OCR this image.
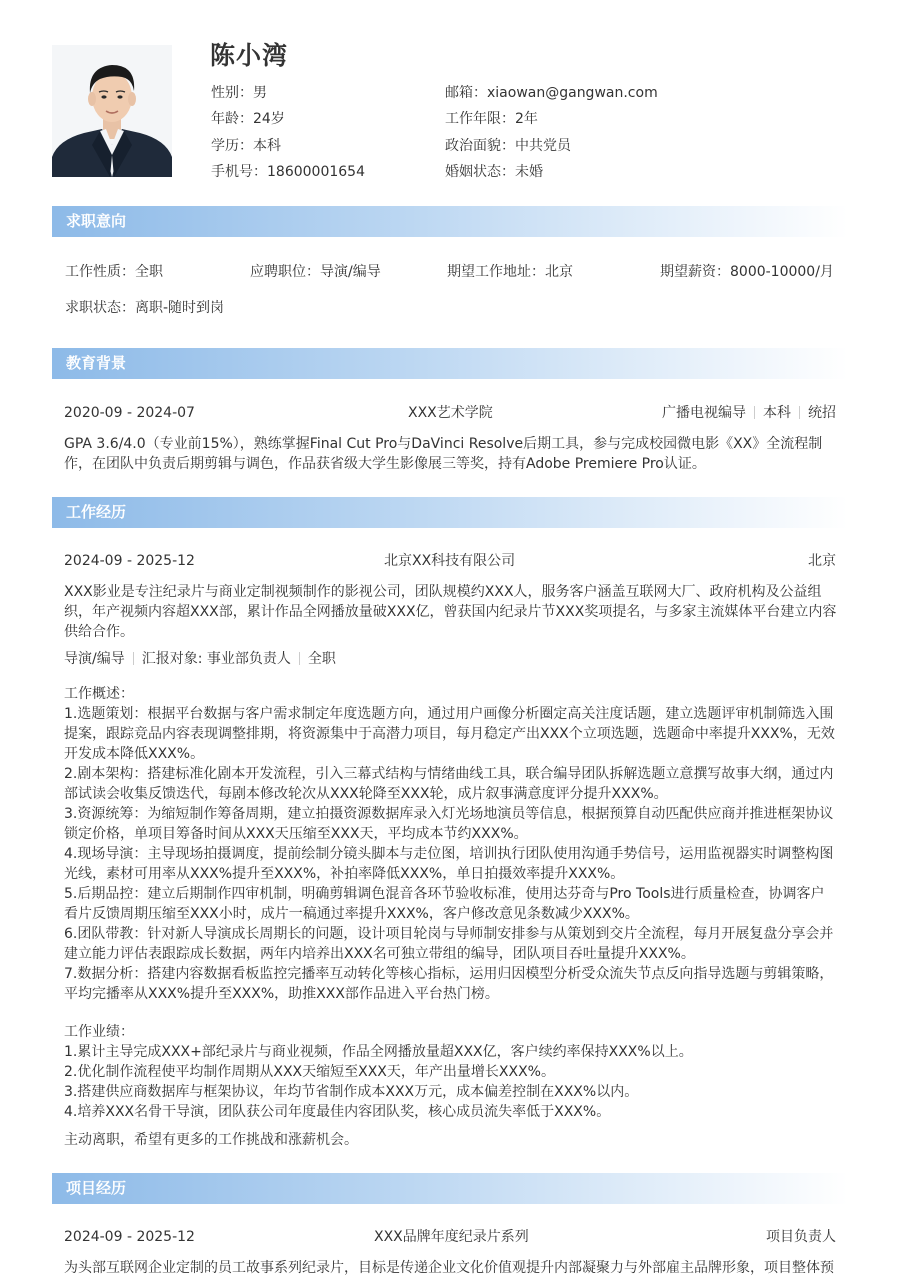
陈小湾
性别：男
年龄：24岁
学历：本科
手机号：18600001654
邮箱：xiaowan@gangwan.com
工作年限：2年
政治面貌：中共党员
婚姻状态：未婚
求职意向
工作性质：全职	应聘职位：导演/编导	期望工作地址：北京	期望薪资：8000-10000/月
求职状态：离职-随时到岗
教育背景
2020-09 - 2024-07	XXX艺术学院	广播电视编导 本科 统招
GPA 3.6/4.0（专业前15%），熟练掌握Final Cut Pro与DaVinci Resolve后期工具，参与完成校园微电影《XX》全流程制
作，在团队中负责后期剪辑与调色，作品获省级大学生影像展三等奖，持有Adobe Premiere Pro认证。
工作经历
2024-09 - 2025-12	北京XX科技有限公司	北京
XXX影业是专注纪录片与商业定制视频制作的影视公司，团队规模约XXX人，服务客户涵盖互联网大厂、政府机构及公益组
织，年产视频内容超XXX部，累计作品全网播放量破XXX亿，曾获国内纪录片节XXX奖项提名，与多家主流媒体平台建立内容
供给合作。
导演/编导 汇报对象: 事业部负责人 全职
工作概述：
1.选题策划：根据平台数据与客户需求制定年度选题方向，通过用户画像分析圈定高关注度话题，建立选题评审机制筛选入围
提案，跟踪竞品内容表现调整排期，将资源集中于高潜力项目，每月稳定产出XXX个立项选题，选题命中率提升XXX%，无效
开发成本降低XXX%。
2.剧本架构：搭建标准化剧本开发流程，引入三幕式结构与情绪曲线工具，联合编导团队拆解选题立意撰写故事大纲，通过内
部试读会收集反馈迭代，每剧本修改轮次从XXX轮降至XXX轮，成片叙事满意度评分提升XXX%。
3.资源统筹：为缩短制作筹备周期，建立拍摄资源数据库录入灯光场地演员等信息，根据预算自动匹配供应商并推进框架协议
锁定价格，单项目筹备时间从XXX天压缩至XXX天，平均成本节约XXX%。
4.现场导演：主导现场拍摄调度，提前绘制分镜头脚本与走位图，培训执行团队使用沟通手势信号，运用监视器实时调整构图
光线，素材可用率从XXX%提升至XXX%，补拍率降低XXX%，单日拍摄效率提升XXX%。
5.后期品控：建立后期制作四审机制，明确剪辑调色混音各环节验收标准，使用达芬奇与Pro Tools进行质量检查，协调客户
看片反馈周期压缩至XXX小时，成片一稿通过率提升XXX%，客户修改意见条数减少XXX%。
6.团队带教：针对新人导演成长周期长的问题，设计项目轮岗与导师制安排参与从策划到交片全流程，每月开展复盘分享会并
建立能力评估表跟踪成长数据，两年内培养出XXX名可独立带组的编导，团队项目吞吐量提升XXX%。
7.数据分析：搭建内容数据看板监控完播率互动转化等核心指标，运用归因模型分析受众流失节点反向指导选题与剪辑策略，
平均完播率从XXX%提升至XXX%，助推XXX部作品进入平台热门榜。
工作业绩：
1.累计主导完成XXX+部纪录片与商业视频，作品全网播放量超XXX亿，客户续约率保持XXX%以上。
2.优化制作流程使平均制作周期从XXX天缩短至XXX天，年产出量增长XXX%。
3.搭建供应商数据库与框架协议，年均节省制作成本XXX万元，成本偏差控制在XXX%以内。
4.培养XXX名骨干导演，团队获公司年度最佳内容团队奖，核心成员流失率低于XXX%。
主动离职，希望有更多的工作挑战和涨薪机会。
项目经历
2024-09 - 2025-12	XXX品牌年度纪录片系列	项目负责人
为头部互联网企业定制的员工故事系列纪录片，目标是传递企业文化价值观提升内部凝聚力与外部雇主品牌形象，项目整体预
